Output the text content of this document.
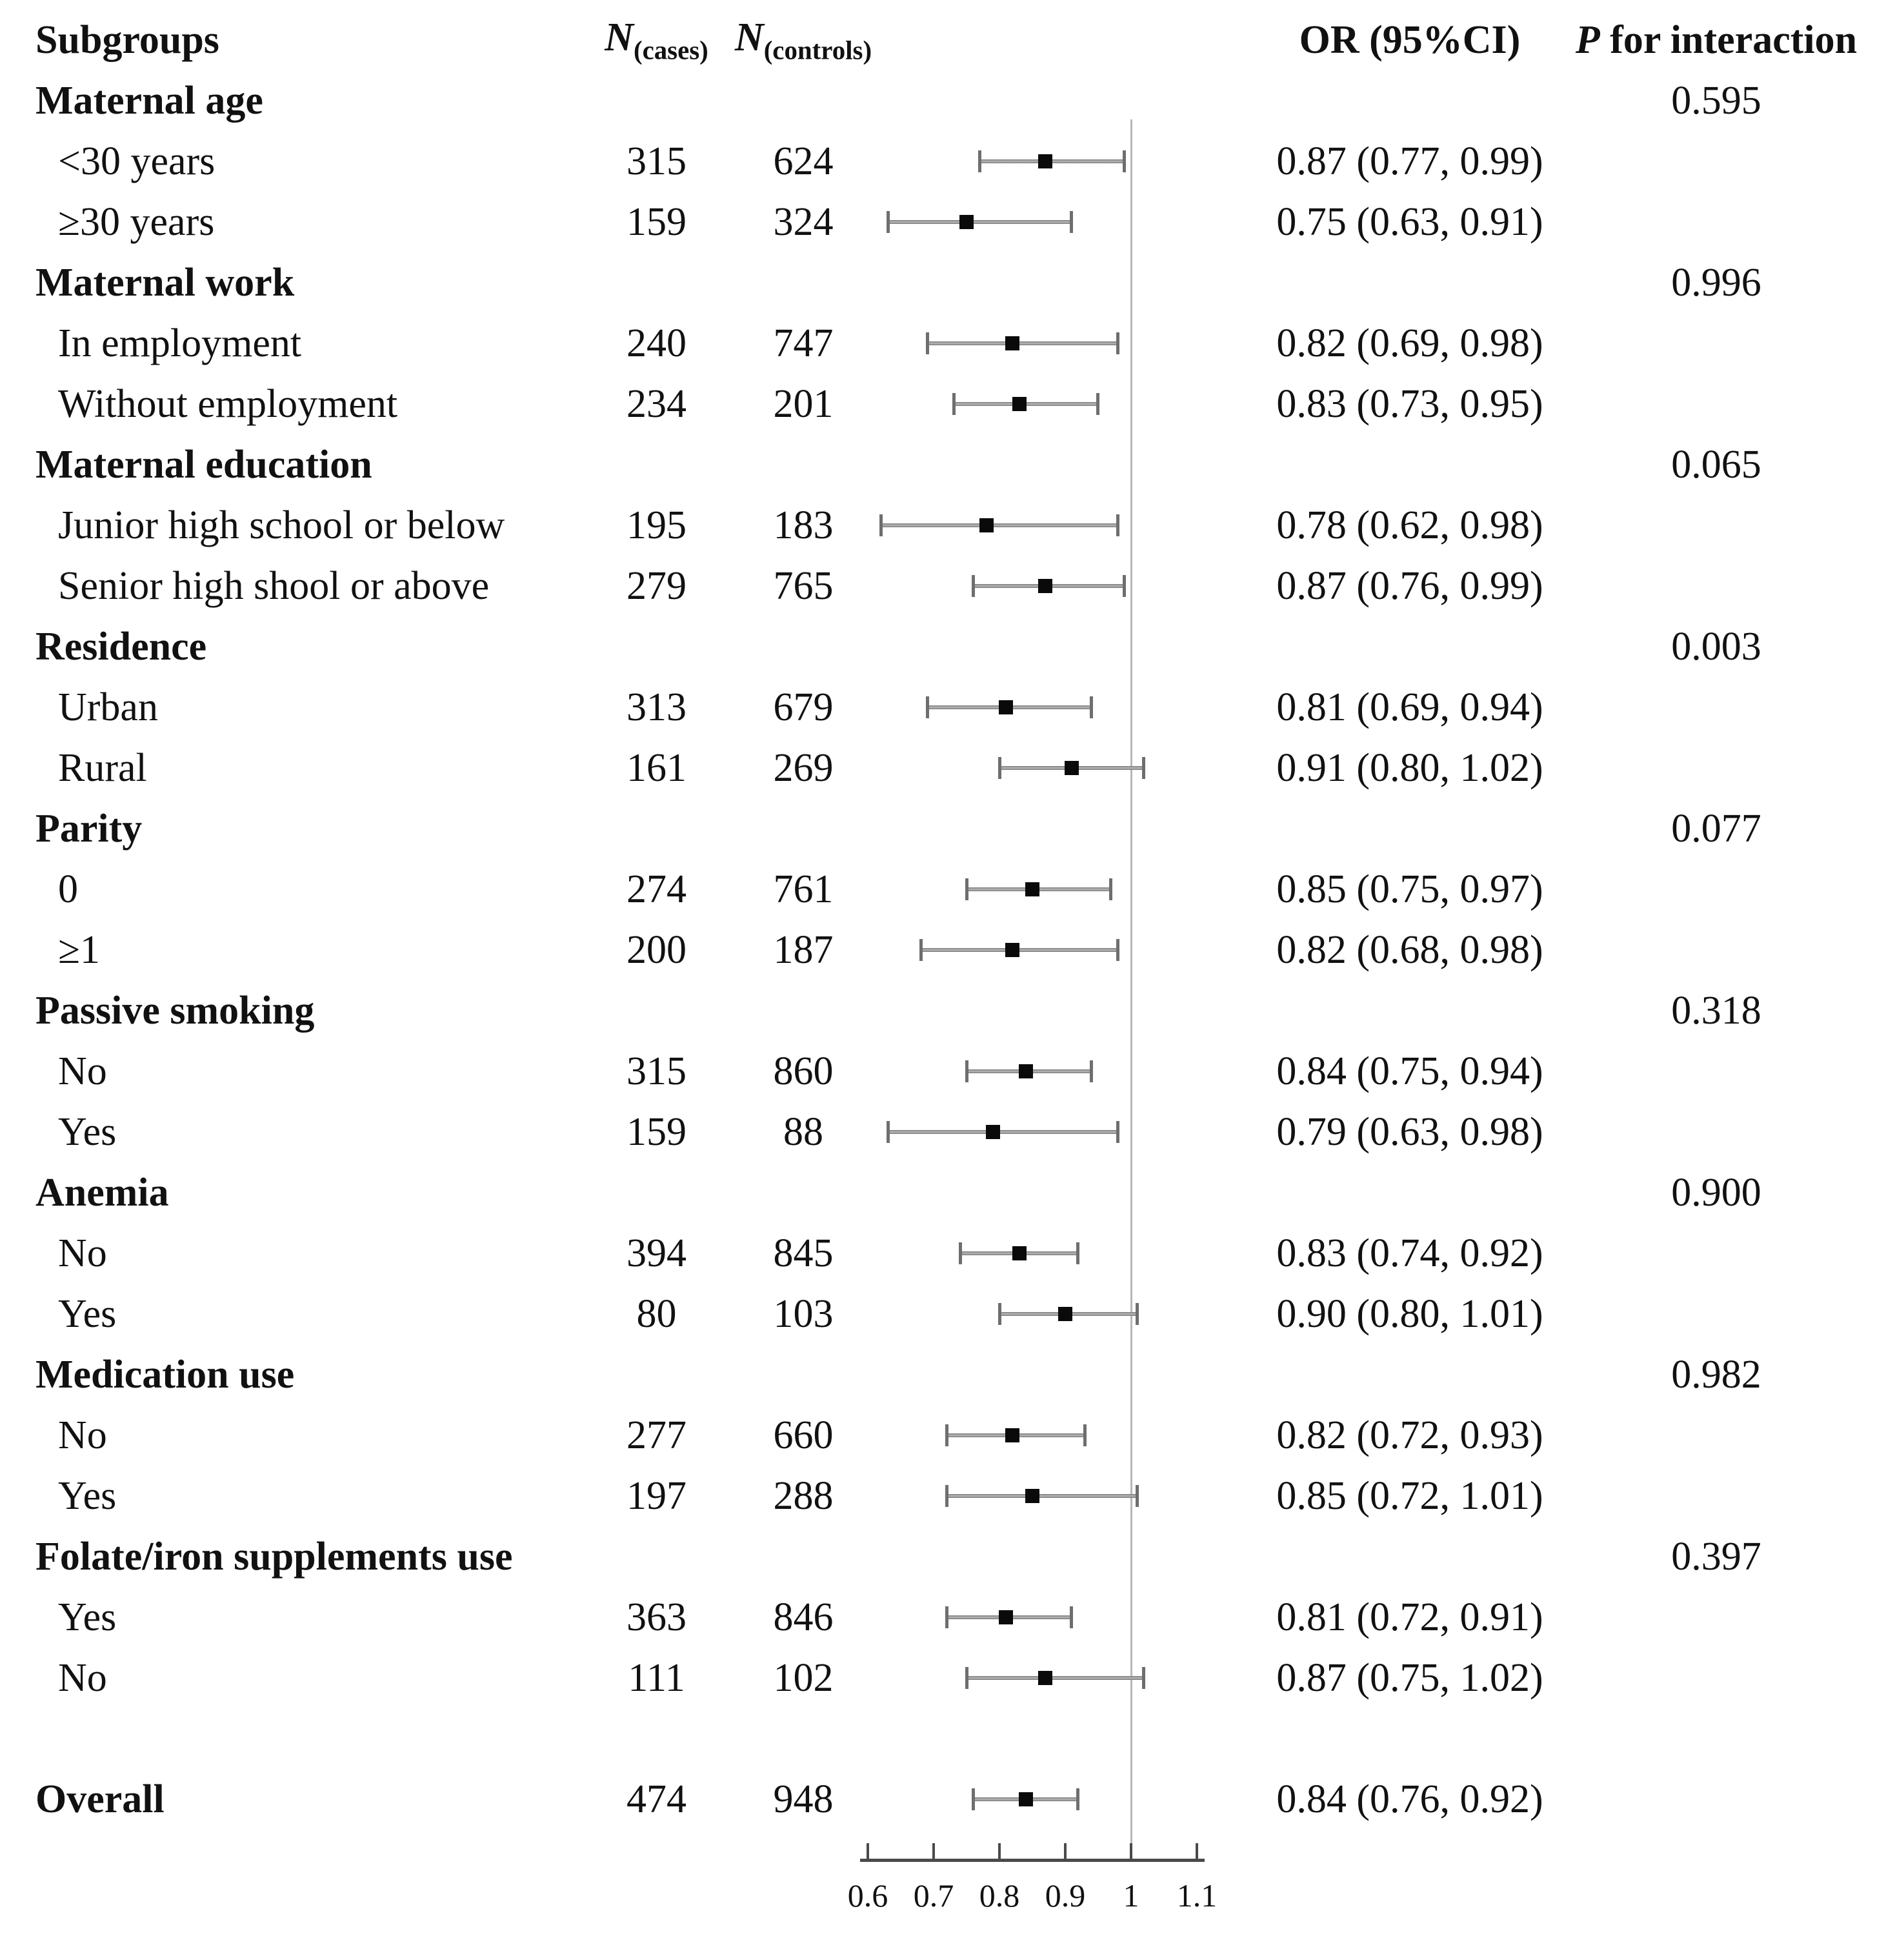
0.6 0.7 0.8 0.9 1 1.1
Subgroups	$N_{(cases)}$ $N_{(controls)}$	OR (95%CI)	P for interaction
Maternal age	0.595
<30 years	315	624	0.87 (0.77, 0.99)
≥30 years	159	324	0.75 (0.63, 0.91)
Maternal work	0.996
In employment	240	747	0.82 (0.69, 0.98)
Without employment	234	201	0.83 (0.73, 0.95)
Maternal education	0.065
Junior high school or below	195	183	0.78 (0.62, 0.98)
Senior high shool or above	279	765	0.87 (0.76, 0.99)
Residence	0.003
Urban	313	679	0.81 (0.69, 0.94)
Rural	161	269	0.91 (0.80, 1.02)
Parity	0.077
0	274	761	0.85 (0.75, 0.97)
≥1	200	187	0.82 (0.68, 0.98)
Passive smoking	0.318
No	315	860	0.84 (0.75, 0.94)
Yes	159	88	0.79 (0.63, 0.98)
Anemia	0.900
No	394	845	0.83 (0.74, 0.92)
Yes	80	103	0.90 (0.80, 1.01)
Medication use	0.982
No	277	660	0.82 (0.72, 0.93)
Yes	197	288	0.85 (0.72, 1.01)
Folate/iron supplements use	0.397
Yes	363	846	0.81 (0.72, 0.91)
No	111	102	0.87 (0.75, 1.02)
Overall	474	948	0.84 (0.76, 0.92)
